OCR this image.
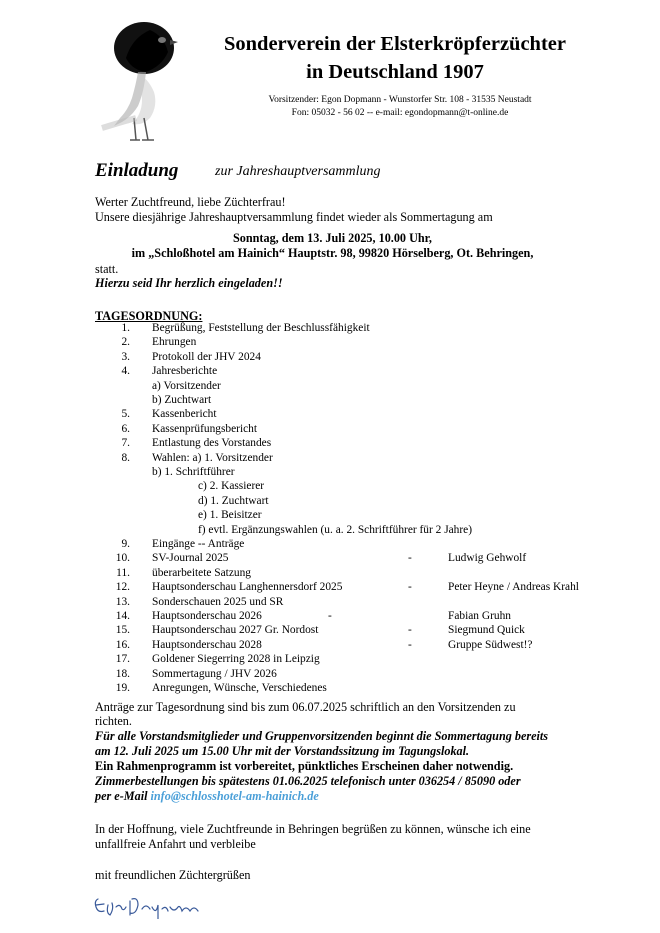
Sonderverein der Elsterkröpferzüchter
in Deutschland 1907
Vorsitzender: Egon Dopmann - Wunstorfer Str. 108 - 31535 Neustadt
Fon: 05032 - 56 02 -- e-mail: egondopmann@t-online.de
Einladung	zur Jahreshauptversammlung
Werter Zuchtfreund, liebe Züchterfrau!
Unsere diesjährige Jahreshauptversammlung findet wieder als Sommertagung am
Sonntag, dem 13. Juli 2025, 10.00 Uhr,
im „Schloßhotel am Hainich“ Hauptstr. 98, 99820 Hörselberg, Ot. Behringen,
statt.
Hierzu seid Ihr herzlich eingeladen!!
TAGESORDNUNG:
1. Begrüßung, Feststellung der Beschlussfähigkeit
2. Ehrungen
3. Protokoll der JHV 2024
4. Jahresberichte
a) Vorsitzender
b) Zuchtwart
5. Kassenbericht
6. Kassenprüfungsbericht
7. Entlastung des Vorstandes
8. Wahlen: a) 1. Vorsitzender
b) 1. Schriftführer
c) 2. Kassierer
d) 1. Zuchtwart
e) 1. Beisitzer
f) evtl. Ergänzungswahlen (u. a. 2. Schriftführer für 2 Jahre)
9. Eingänge -- Anträge
10. SV-Journal 2025	-	Ludwig Gehwolf
11. überarbeitete Satzung
12. Hauptsonderschau Langhennersdorf 2025	-	Peter Heyne / Andreas Krahl
13. Sonderschauen 2025 und SR
14. Hauptsonderschau 2026	-	Fabian Gruhn
15. Hauptsonderschau 2027 Gr. Nordost	-	Siegmund Quick
16. Hauptsonderschau 2028	-	Gruppe Südwest!?
17. Goldener Siegerring 2028 in Leipzig
18. Sommertagung / JHV 2026
19. Anregungen, Wünsche, Verschiedenes
Anträge zur Tagesordnung sind bis zum 06.07.2025 schriftlich an den Vorsitzenden zu
richten.
Für alle Vorstandsmitglieder und Gruppenvorsitzenden beginnt die Sommertagung bereits
am 12. Juli 2025 um 15.00 Uhr mit der Vorstandssitzung im Tagungslokal.
Ein Rahmenprogramm ist vorbereitet, pünktliches Erscheinen daher notwendig.
Zimmerbestellungen bis spätestens 01.06.2025 telefonisch unter 036254 / 85090 oder
per e-Mail info@schlosshotel-am-hainich.de
In der Hoffnung, viele Zuchtfreunde in Behringen begrüßen zu können, wünsche ich eine
unfallfreie Anfahrt und verbleibe
mit freundlichen Züchtergrüßen
